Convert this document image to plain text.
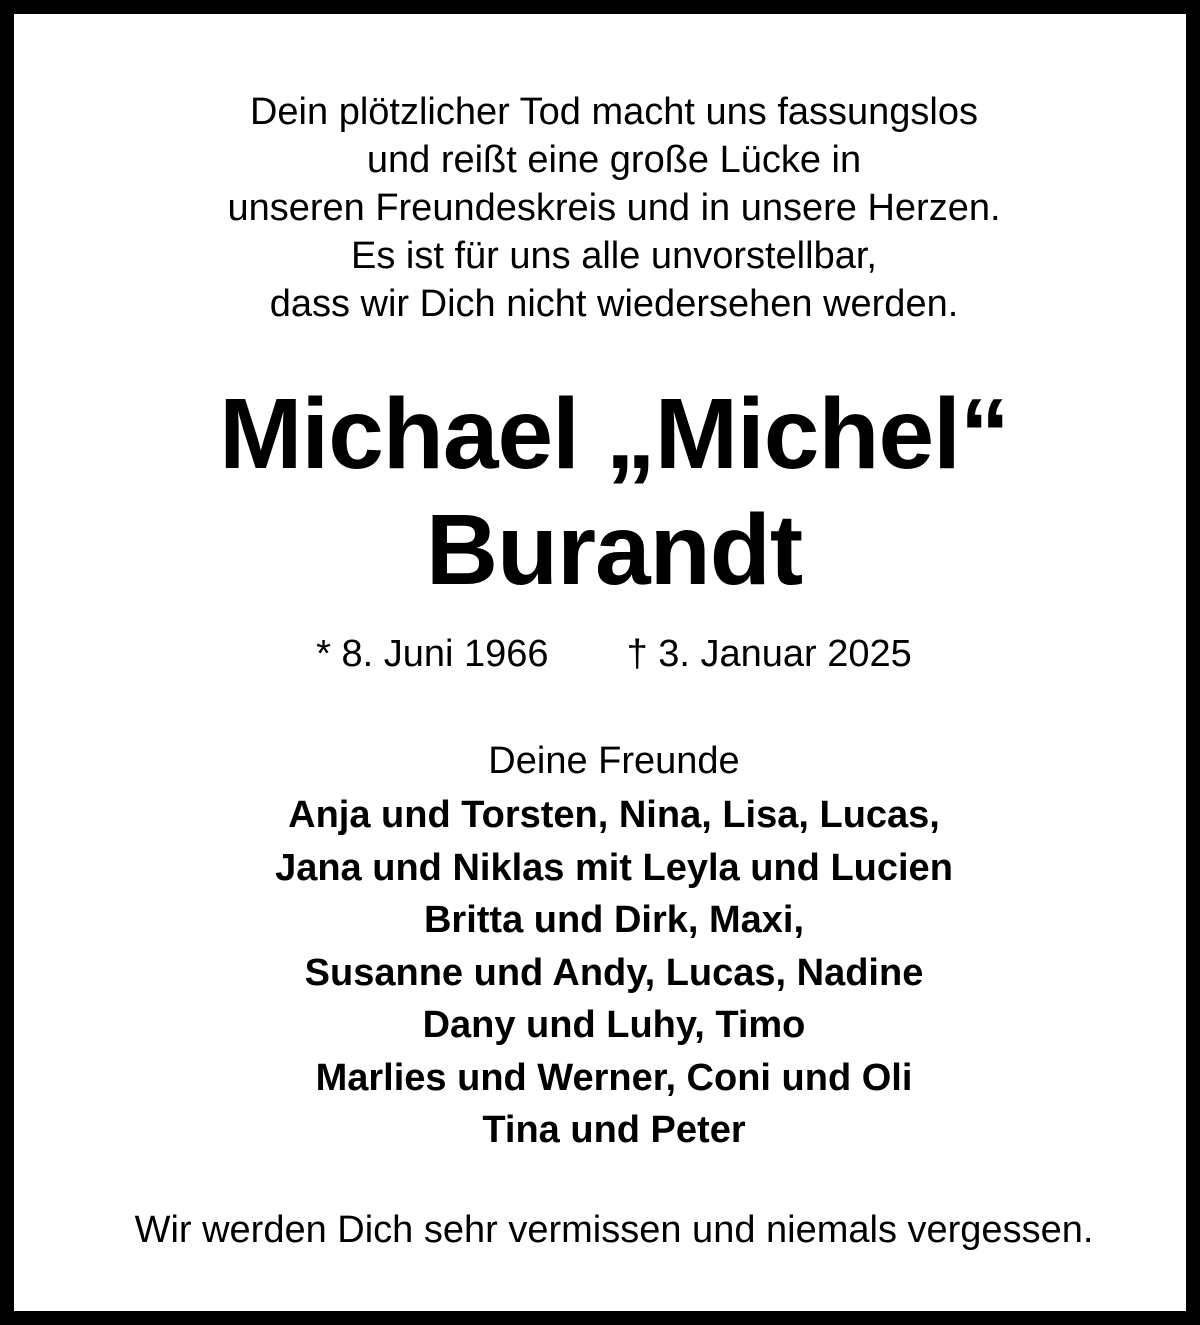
Dein plötzlicher Tod macht uns fassungslos
und reißt eine große Lücke in
unseren Freundeskreis und in unsere Herzen.
Es ist für uns alle unvorstellbar,
dass wir Dich nicht wiedersehen werden.
Michael „Michel“
Burandt
* 8. Juni 1966 † 3. Januar 2025
Deine Freunde
Anja und Torsten, Nina, Lisa, Lucas,
Jana und Niklas mit Leyla und Lucien
Britta und Dirk, Maxi,
Susanne und Andy, Lucas, Nadine
Dany und Luhy, Timo
Marlies und Werner, Coni und Oli
Tina und Peter
Wir werden Dich sehr vermissen und niemals vergessen.
